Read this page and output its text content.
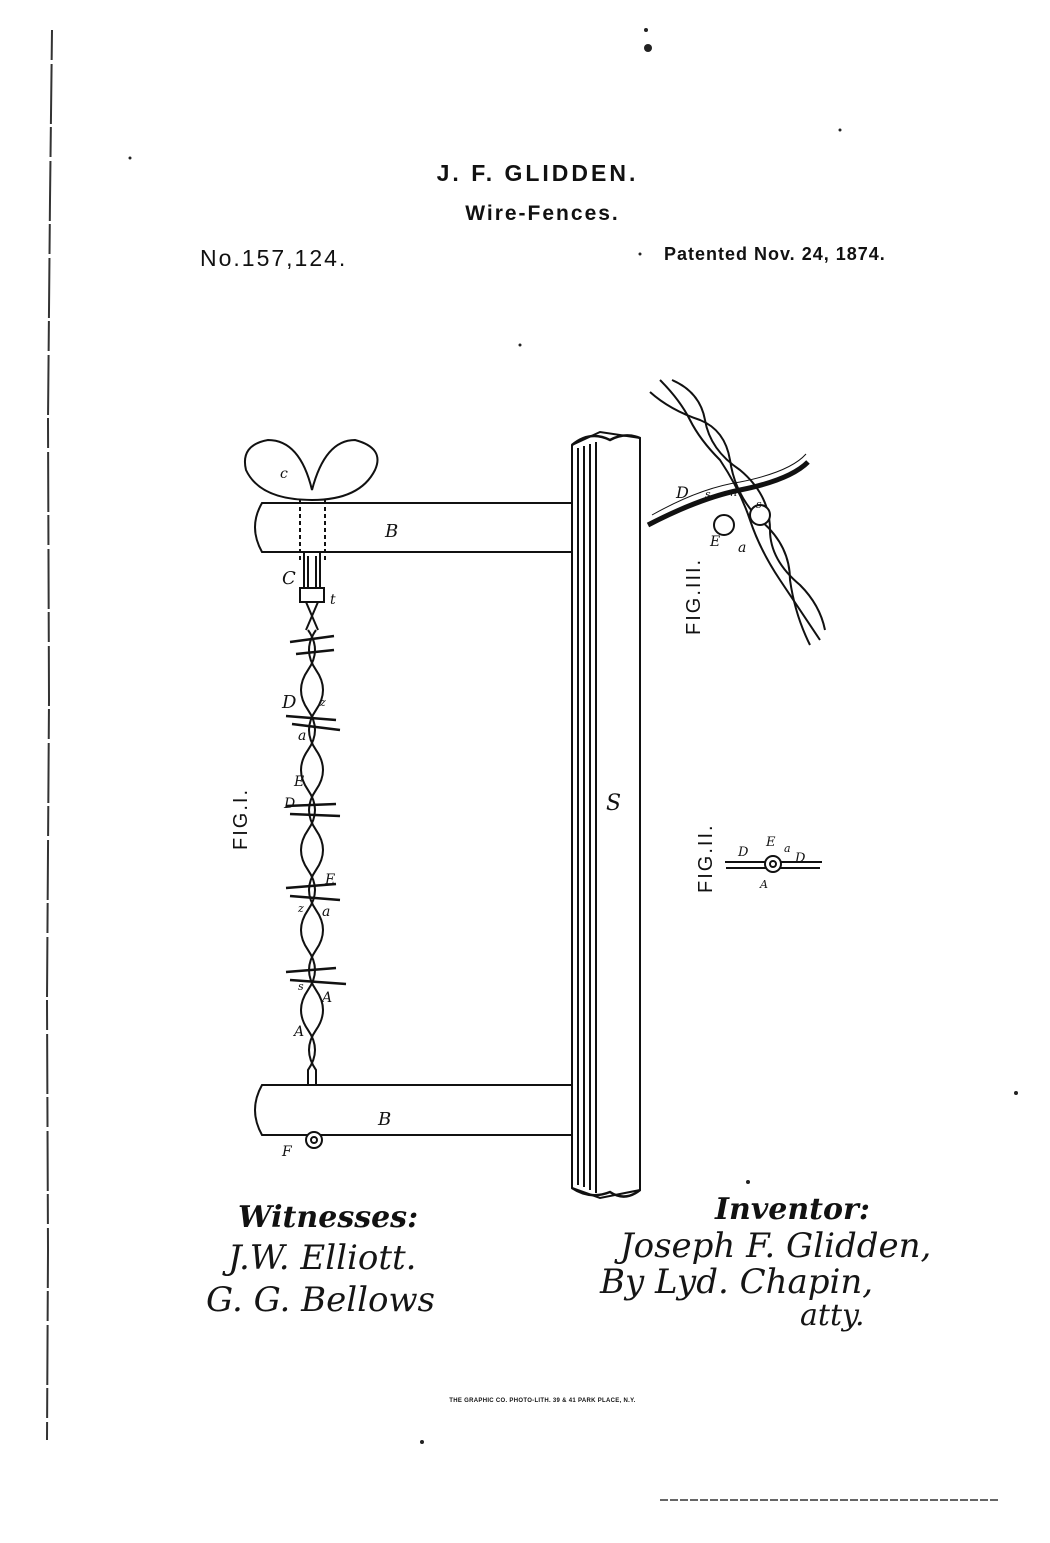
J. F. GLIDDEN.
Wire-Fences.
No.157,124.	Patented Nov. 24, 1874.
B
B
c
C
t
S
F
D
D
a
a
E
E
A
A
z
z
s
D
E a
s n
s
D	D
E a
A
FIG.I.
FIG.II.
FIG.III.
Witnesses:
J.W. Elliott.
G. G. Bellows
Inventor:
Joseph F. Glidden,
By Lyd. Chapin,
atty.
THE GRAPHIC CO. PHOTO-LITH. 39 & 41 PARK PLACE, N.Y.
